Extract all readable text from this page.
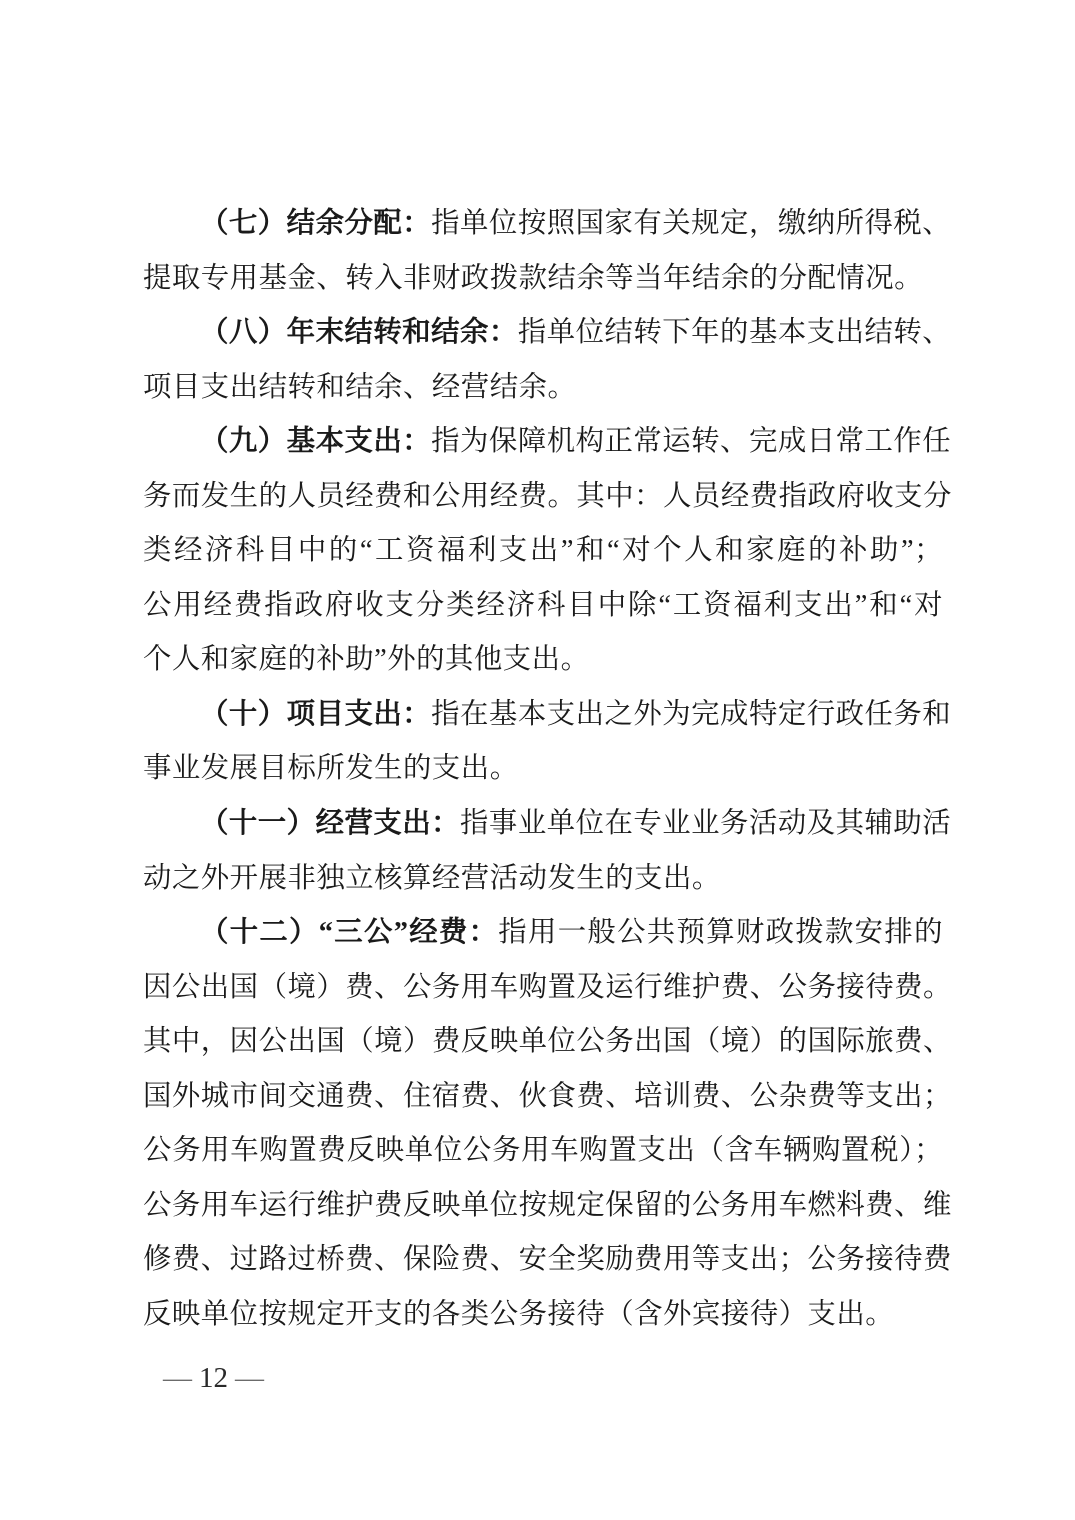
（七）结余分配：指单位按照国家有关规定，缴纳所得税、
提取专用基金、转入非财政拨款结余等当年结余的分配情况。
（八）年末结转和结余：指单位结转下年的基本支出结转、
项目支出结转和结余、经营结余。
（九）基本支出：指为保障机构正常运转、完成日常工作任
务而发生的人员经费和公用经费。其中：人员经费指政府收支分
类经济科目中的“工资福利支出”和“对个人和家庭的补助”；
公用经费指政府收支分类经济科目中除“工资福利支出”和“对
个人和家庭的补助”外的其他支出。
（十）项目支出：指在基本支出之外为完成特定行政任务和
事业发展目标所发生的支出。
（十一）经营支出：指事业单位在专业业务活动及其辅助活
动之外开展非独立核算经营活动发生的支出。
（十二）“三公”经费：指用一般公共预算财政拨款安排的
因公出国（境）费、公务用车购置及运行维护费、公务接待费。
其中，因公出国（境）费反映单位公务出国（境）的国际旅费、
国外城市间交通费、住宿费、伙食费、培训费、公杂费等支出；
公务用车购置费反映单位公务用车购置支出（含车辆购置税）；
公务用车运行维护费反映单位按规定保留的公务用车燃料费、维
修费、过路过桥费、保险费、安全奖励费用等支出；公务接待费
反映单位按规定开支的各类公务接待（含外宾接待）支出。
— 12 —
